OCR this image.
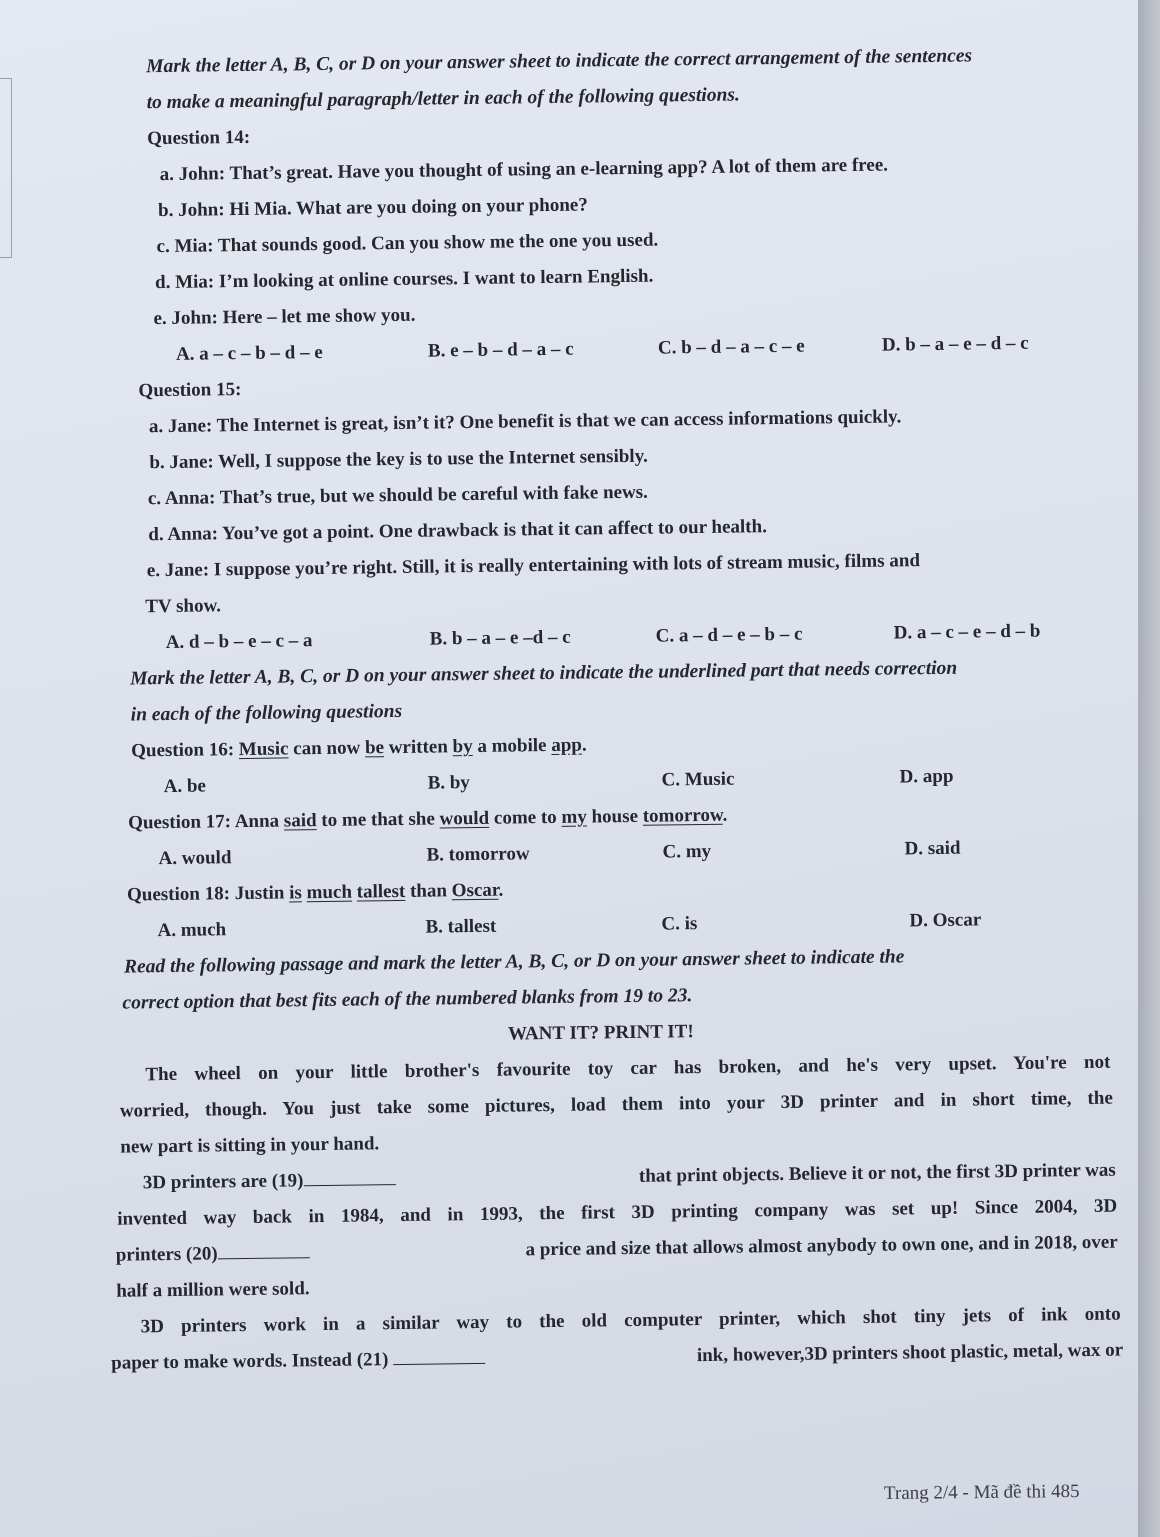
Mark the letter A, B, C, or D on your answer sheet to indicate the correct arrangement of the sentences
to make a meaningful paragraph/letter in each of the following questions.
Question 14:
a. John: That’s great. Have you thought of using an e-learning app? A lot of them are free.
b. John: Hi Mia. What are you doing on your phone?
c. Mia: That sounds good. Can you show me the one you used.
d. Mia: I’m looking at online courses. I want to learn English.
e. John: Here – let me show you.
A. a – c – b – d – e	B. e – b – d – a – c	C. b – d – a – c – e	D. b – a – e – d – c
Question 15:
a. Jane: The Internet is great, isn’t it? One benefit is that we can access informations quickly.
b. Jane: Well, I suppose the key is to use the Internet sensibly.
c. Anna: That’s true, but we should be careful with fake news.
d. Anna: You’ve got a point. One drawback is that it can affect to our health.
e. Jane: I suppose you’re right. Still, it is really entertaining with lots of stream music, films and
TV show.
A. d – b – e – c – a	B. b – a – e –d – c	C. a – d – e – b – c	D. a – c – e – d – b
Mark the letter A, B, C, or D on your answer sheet to indicate the underlined part that needs correction
in each of the following questions
Question 16: Music can now be written by a mobile app.
A. be	B. by	C. Music	D. app
Question 17: Anna said to me that she would come to my house tomorrow.
A. would	B. tomorrow	C. my	D. said
Question 18: Justin is much tallest than Oscar.
A. much	B. tallest	C. is	D. Oscar
Read the following passage and mark the letter A, B, C, or D on your answer sheet to indicate the
correct option that best fits each of the numbered blanks from 19 to 23.
WANT IT? PRINT IT!
The wheel on your little brother's favourite toy car has broken, and he's very upset. You're not
worried, though. You just take some pictures, load them into your 3D printer and in short time, the
new part is sitting in your hand.
3D printers are (19)	that print objects. Believe it or not, the first 3D printer was
invented way back in 1984, and in 1993, the first 3D printing company was set up! Since 2004, 3D
printers (20)	a price and size that allows almost anybody to own one, and in 2018, over
half a million were sold.
3D printers work in a similar way to the old computer printer, which shot tiny jets of ink onto
paper to make words. Instead (21)	ink, however,3D printers shoot plastic, metal, wax or
Trang 2/4 - Mã đề thi 485
